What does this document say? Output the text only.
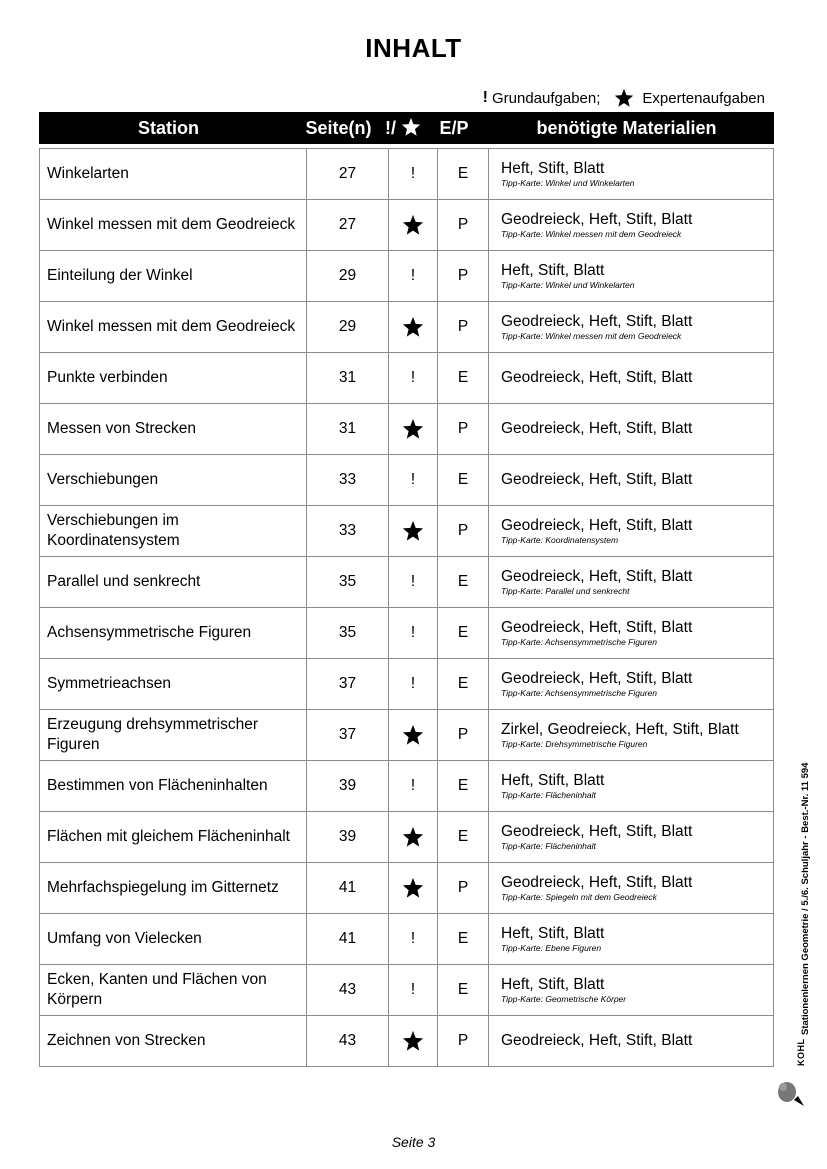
INHALT
! Grundaufgaben;	Expertenaufgaben
Station	Seite(n) !/	E/P	benötigte Materialien
Winkelarten	27	!	E	Heft, Stift, Blatt
Tipp-Karte: Winkel und Winkelarten

Winkel messen mit dem Geodreieck	27		P	Geodreieck, Heft, Stift, Blatt
Tipp-Karte: Winkel messen mit dem Geodreieck

Einteilung der Winkel	29	!	P	Heft, Stift, Blatt
Tipp-Karte: Winkel und Winkelarten

Winkel messen mit dem Geodreieck	29		P	Geodreieck, Heft, Stift, Blatt
Tipp-Karte: Winkel messen mit dem Geodreieck

Punkte verbinden	31	!	E	Geodreieck, Heft, Stift, Blatt
Messen von Strecken	31		P	Geodreieck, Heft, Stift, Blatt
Verschiebungen	33	!	E	Geodreieck, Heft, Stift, Blatt
Verschiebungen im Koordinatensystem	33		P	Geodreieck, Heft, Stift, Blatt
Tipp-Karte: Koordinatensystem

Parallel und senkrecht	35	!	E	Geodreieck, Heft, Stift, Blatt
Tipp-Karte: Parallel und senkrecht

Achsensymmetrische Figuren	35	!	E	Geodreieck, Heft, Stift, Blatt
Tipp-Karte: Achsensymmetrische Figuren

Symmetrieachsen	37	!	E	Geodreieck, Heft, Stift, Blatt
Tipp-Karte: Achsensymmetrische Figuren

Erzeugung drehsymmetrischer Figuren	37		P	Zirkel, Geodreieck, Heft, Stift, Blatt
Tipp-Karte: Drehsymmetrische Figuren

Bestimmen von Flächeninhalten	39	!	E	Heft, Stift, Blatt
Tipp-Karte: Flächeninhalt

Flächen mit gleichem Flächeninhalt	39		E	Geodreieck, Heft, Stift, Blatt
Tipp-Karte: Flächeninhalt

Mehrfachspiegelung im Gitternetz	41		P	Geodreieck, Heft, Stift, Blatt
Tipp-Karte: Spiegeln mit dem Geodreieck

Umfang von Vielecken	41	!	E	Heft, Stift, Blatt
Tipp-Karte: Ebene Figuren

Ecken, Kanten und Flächen von Körpern	43	!	E	Heft, Stift, Blatt
Tipp-Karte: Geometrische Körper

Zeichnen von Strecken	43		P	Geodreieck, Heft, Stift, Blatt	KOHL
Stationenlernen Geometrie / 5./6. Schuljahr - Best.-Nr. 11 594
Seite 3
